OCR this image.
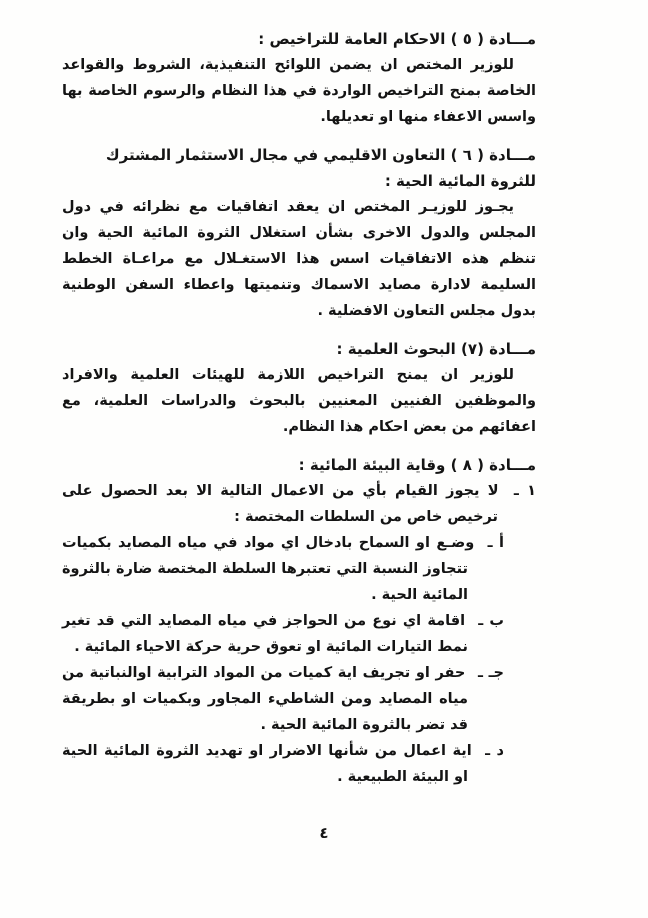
مـــادة ( ٥ ) الاحكام العامة للتراخيص :

للوزير المختص ان يضمن اللوائح التنفيذية، الشروط والقواعد الخاصة بمنح التراخيص الواردة في هذا النظام والرسوم الخاصة بها واسس الاعفاء منها او تعديلها.

مـــادة ( ٦ ) التعاون الاقليمي في مجال الاستثمار المشترك للثروة المائية الحية :

يجـوز للوزيـر المختص ان يعقد اتفاقيات مع نظرائه في دول المجلس والدول الاخرى بشأن استغلال الثروة المائية الحية وان تنظم هذه الاتفاقيات اسس هذا الاستغـلال مع مراعـاة الخطط السليمة لادارة مصايد الاسماك وتنميتها واعطاء السفن الوطنية بدول مجلس التعاون الافضلية .

مـــادة (٧) البحوث العلمية :

للوزير ان يمنح التراخيص اللازمة للهيئات العلمية والافراد والموظفين الفنيين المعنيين بالبحوث والدراسات العلمية، مع اعفائهم من بعض احكام هذا النظام.

مـــادة ( ٨ ) وقاية البيئة المائية :
١ ـ لا يجوز القيام بأي من الاعمال التالية الا بعد الحصول على ترخيص خاص من السلطات المختصة :
أ ـ وضـع او السماح بادخال اي مواد في مياه المصايد بكميات تتجاوز النسبة التي تعتبرها السلطة المختصة ضارة بالثروة المائية الحية .
ب ـ اقامة اي نوع من الحواجز في مياه المصايد التي قد تغير نمط التيارات المائية او تعوق حرية حركة الاحياء المائية .
جـ ـ حفر او تجريف اية كميات من المواد الترابية اوالنباتية من مياه المصايد ومن الشاطيء المجاور وبكميات او بطريقة قد تضر بالثروة المائية الحية .
د ـ اية اعمال من شأنها الاضرار او تهديد الثروة المائية الحية او البيئة الطبيعية .
٤
